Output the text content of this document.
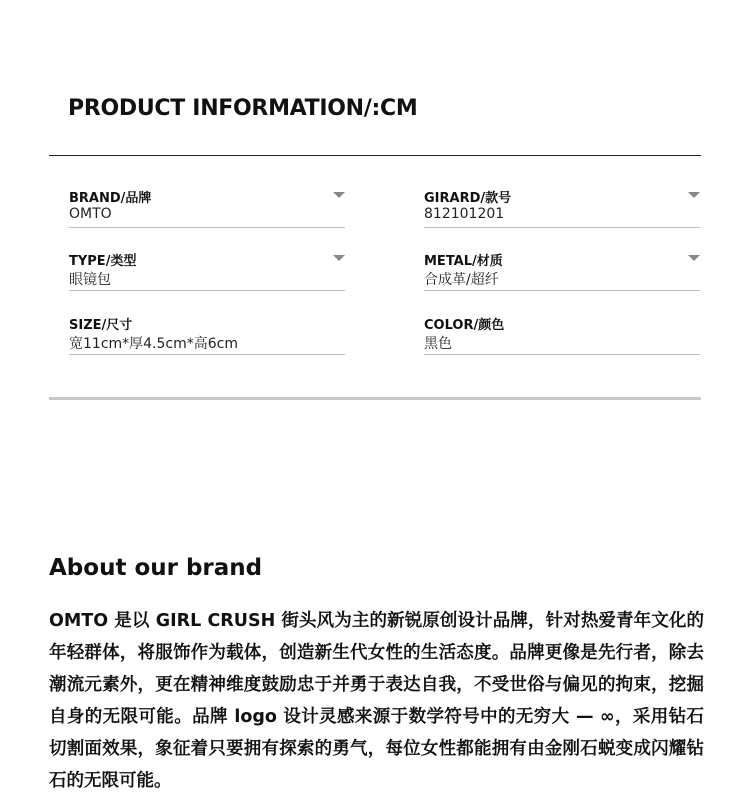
PRODUCT INFORMATION/:CM
BRAND/品牌
OMTO
GIRARD/款号
812101201
TYPE/类型
眼镜包
METAL/材质
合成革/超纤
SIZE/尺寸
宽11cm*厚4.5cm*高6cm
COLOR/颜色
黑色
About our brand
OMTO 是以 GIRL CRUSH 街头风为主的新锐原创设计品牌，针对热爱青年文化的年轻群体，将服饰作为载体，创造新生代女性的生活态度。品牌更像是先行者，除去潮流元素外，更在精神维度鼓励忠于并勇于表达自我，不受世俗与偏见的拘束，挖掘自身的无限可能。品牌 logo 设计灵感来源于数学符号中的无穷大 — ∞，采用钻石切割面效果，象征着只要拥有探索的勇气，每位女性都能拥有由金刚石蜕变成闪耀钻石的无限可能。
